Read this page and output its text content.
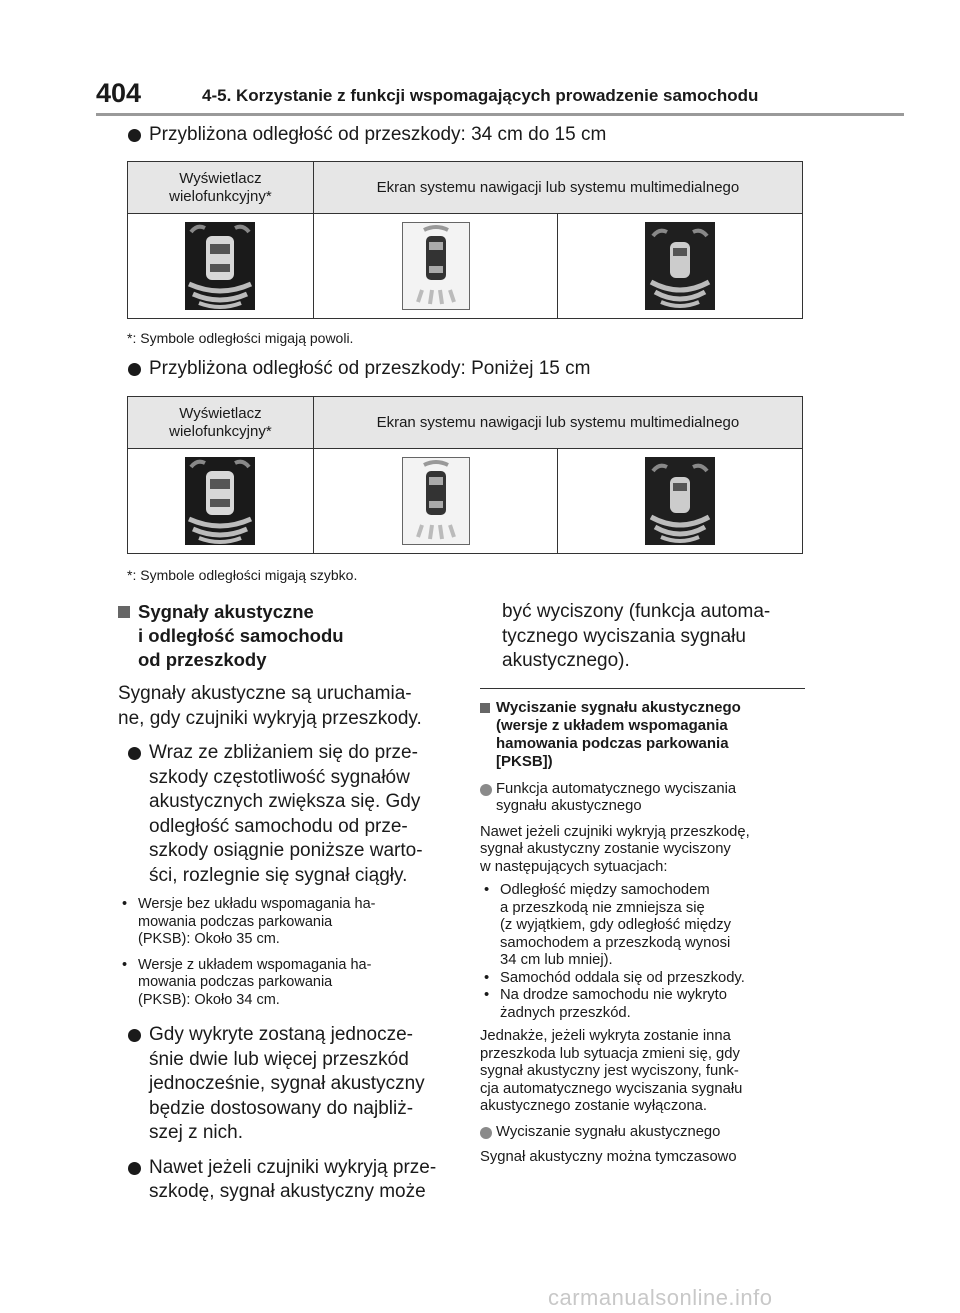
404	4-5. Korzystanie z funkcji wspomagających prowadzenie samochodu
Przybliżona odległość od przeszkody: 34 cm do 15 cm
Wyświetlacz wielofunkcyjny*	Ekran systemu nawigacji lub systemu multimedialnego	

*: Symbole odległości migają powoli.
Przybliżona odległość od przeszkody: Poniżej 15 cm
Wyświetlacz wielofunkcyjny*	Ekran systemu nawigacji lub systemu multimedialnego	

*: Symbole odległości migają szybko.
Sygnały akustyczne
i odległość samochodu
od przeszkody
Sygnały akustyczne są uruchamia-
ne, gdy czujniki wykryją przeszkody.
Wraz ze zbliżaniem się do prze-
szkody częstotliwość sygnałów
akustycznych zwiększa się. Gdy
odległość samochodu od prze-
szkody osiągnie poniższe warto-
ści, rozlegnie się sygnał ciągły.
• Wersje bez układu wspomagania ha-
mowania podczas parkowania
(PKSB): Około 35 cm.
• Wersje z układem wspomagania ha-
mowania podczas parkowania
(PKSB): Około 34 cm.
Gdy wykryte zostaną jednocze-
śnie dwie lub więcej przeszkód
jednocześnie, sygnał akustyczny
będzie dostosowany do najbliż-
szej z nich.
Nawet jeżeli czujniki wykryją prze-
szkodę, sygnał akustyczny może
być wyciszony (funkcja automa-
tycznego wyciszania sygnału
akustycznego).
Wyciszanie sygnału akustycznego
(wersje z układem wspomagania
hamowania podczas parkowania
[PKSB])
Funkcja automatycznego wyciszania
sygnału akustycznego
Nawet jeżeli czujniki wykryją przeszkodę,
sygnał akustyczny zostanie wyciszony
w następujących sytuacjach:
• Odległość między samochodem
a przeszkodą nie zmniejsza się
(z wyjątkiem, gdy odległość między
samochodem a przeszkodą wynosi
34 cm lub mniej).
• Samochód oddala się od przeszkody.
• Na drodze samochodu nie wykryto
żadnych przeszkód.
Jednakże, jeżeli wykryta zostanie inna
przeszkoda lub sytuacja zmieni się, gdy
sygnał akustyczny jest wyciszony, funk-
cja automatycznego wyciszania sygnału
akustycznego zostanie wyłączona.
Wyciszanie sygnału akustycznego
Sygnał akustyczny można tymczasowo
carmanualsonline.info
